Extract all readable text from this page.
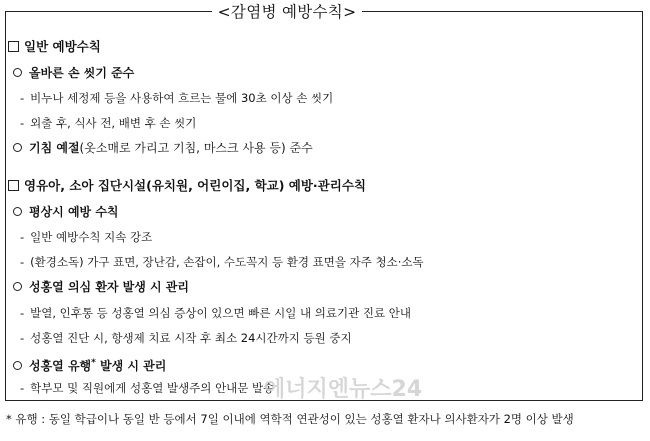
<감염병 예방수칙>
일반 예방수칙
올바른 손 씻기 준수
- 비누나 세정제 등을 사용하여 흐르는 물에 30초 이상 손 씻기
- 외출 후, 식사 전, 배변 후 손 씻기
기침 예절(옷소매로 가리고 기침, 마스크 사용 등) 준수
영유아, 소아 집단시설(유치원, 어린이집, 학교) 예방·관리수칙
평상시 예방 수칙
- 일반 예방수칙 지속 강조
- (환경소독) 가구 표면, 장난감, 손잡이, 수도꼭지 등 환경 표면을 자주 청소·소독
성홍열 의심 환자 발생 시 관리
- 발열, 인후통 등 성홍열 의심 증상이 있으면 빠른 시일 내 의료기관 진료 안내
- 성홍열 진단 시, 항생제 치료 시작 후 최소 24시간까지 등원 중지
성홍열 유행* 발생 시 관리
- 학부모 및 직원에게 성홍열 발생주의 안내문 발송
에너지엔뉴스24
* 유행 : 동일 학급이나 동일 반 등에서 7일 이내에 역학적 연관성이 있는 성홍열 환자나 의사환자가 2명 이상 발생
